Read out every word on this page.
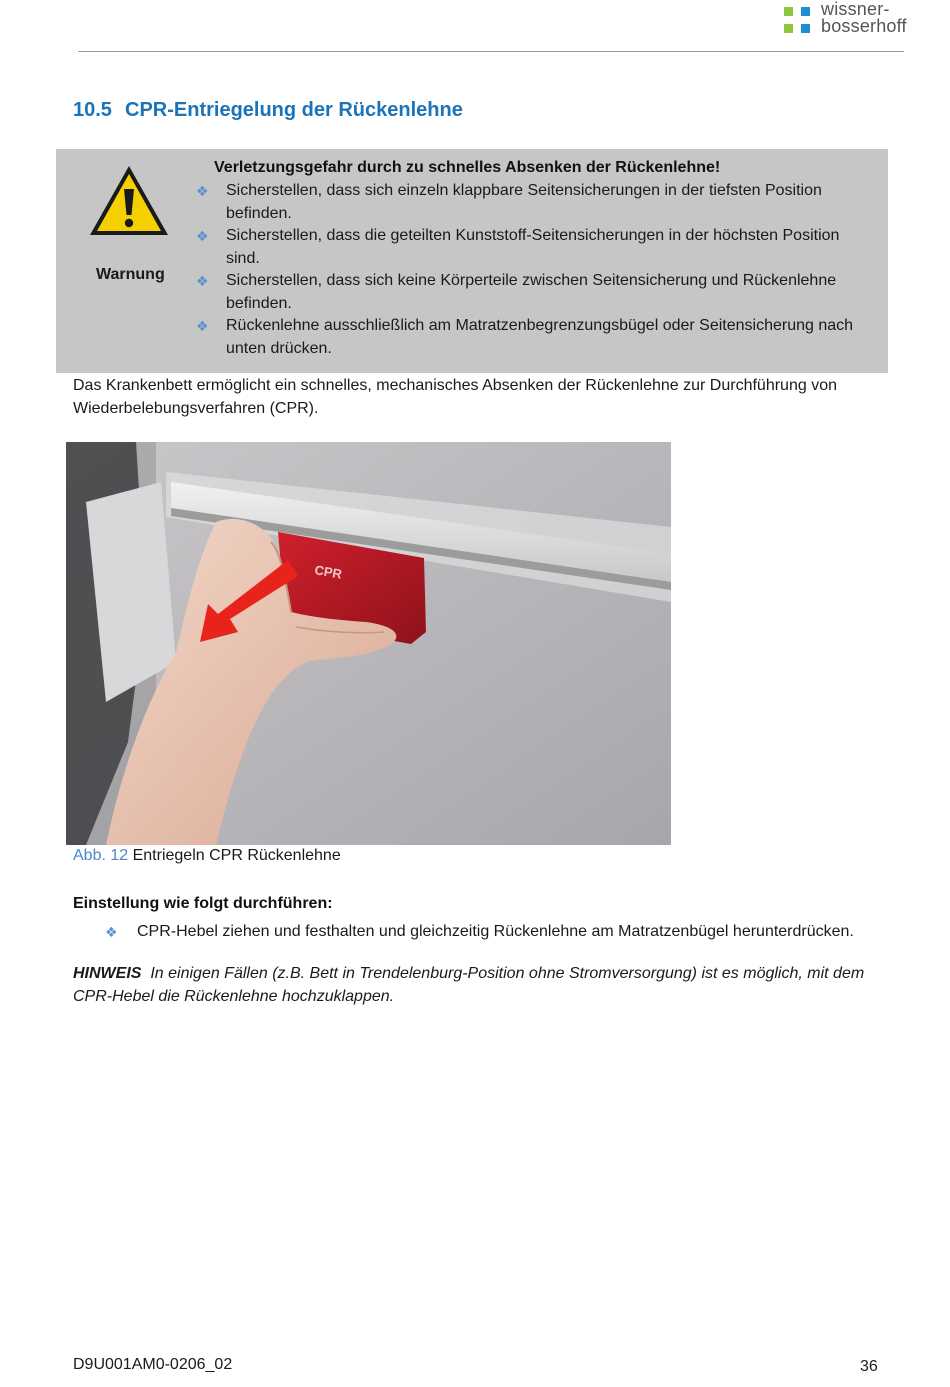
wissner-
bosserhoff
10.5 CPR-Entriegelung der Rückenlehne
Warnung
Verletzungsgefahr durch zu schnelles Absenken der Rückenlehne!
❖ Sicherstellen, dass sich einzeln klappbare Seitensicherungen in der tiefsten Position befinden.
❖ Sicherstellen, dass die geteilten Kunststoff-Seitensicherungen in der höchsten Position sind.
❖ Sicherstellen, dass sich keine Körperteile zwischen Seitensicherung und Rückenlehne befinden.
❖ Rückenlehne ausschließlich am Matratzenbegrenzungsbügel oder Seitensicherung nach unten drücken.
Das Krankenbett ermöglicht ein schnelles, mechanisches Absenken der Rückenlehne zur Durchführung von Wiederbelebungsverfahren (CPR).
CPR
Abb. 12 Entriegeln CPR Rückenlehne
Einstellung wie folgt durchführen:
❖ CPR-Hebel ziehen und festhalten und gleichzeitig Rückenlehne am Matratzenbügel herunterdrücken.
HINWEIS In einigen Fällen (z.B. Bett in Trendelenburg-Position ohne Stromversorgung) ist es möglich, mit dem CPR-Hebel die Rückenlehne hochzuklappen.
D9U001AM0-0206_02	36
